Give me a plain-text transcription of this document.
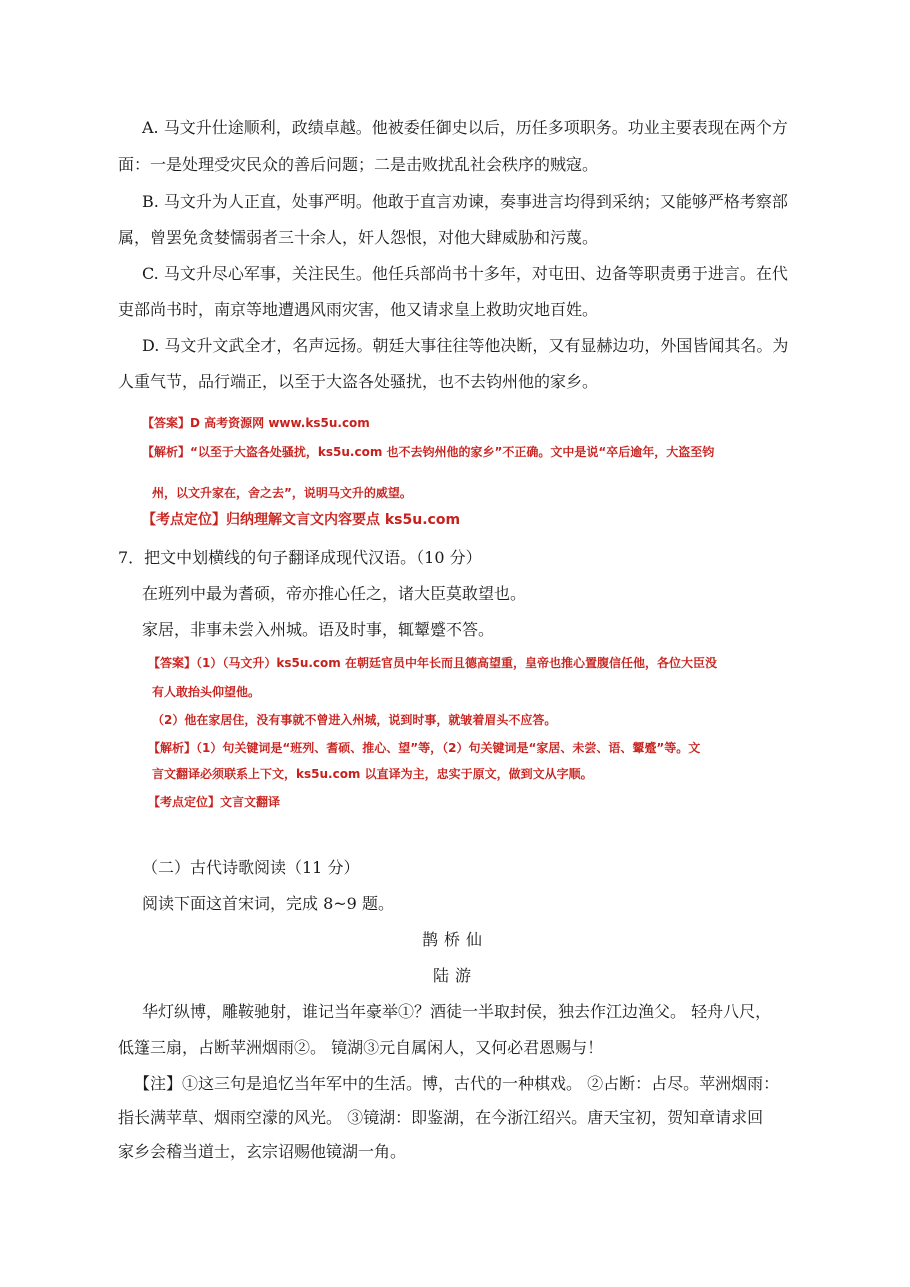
A. 马文升仕途顺利，政绩卓越。他被委任御史以后，历任多项职务。功业主要表现在两个方
面：一是处理受灾民众的善后问题；二是击败扰乱社会秩序的贼寇。
B. 马文升为人正直，处事严明。他敢于直言劝谏，奏事进言均得到采纳；又能够严格考察部
属，曾罢免贪婪懦弱者三十余人，奸人怨恨，对他大肆威胁和污蔑。
C. 马文升尽心军事，关注民生。他任兵部尚书十多年，对屯田、边备等职责勇于进言。在代
吏部尚书时，南京等地遭遇风雨灾害，他又请求皇上救助灾地百姓。
D. 马文升文武全才，名声远扬。朝廷大事往往等他决断，又有显赫边功，外国皆闻其名。为
人重气节，品行端正，以至于大盗各处骚扰，也不去钧州他的家乡。
【答案】D 高考资源网 www.ks5u.com
【解析】“以至于大盗各处骚扰，ks5u.com 也不去钧州他的家乡”不正确。文中是说“卒后逾年，大盗至钧
州，以文升家在，舍之去”，说明马文升的威望。
【考点定位】归纳理解文言文内容要点 ks5u.com
7．把文中划横线的句子翻译成现代汉语。（10 分）
在班列中最为耆硕，帝亦推心任之，诸大臣莫敢望也。
家居，非事未尝入州城。语及时事，辄颦蹙不答。
【答案】（1）（马文升）ks5u.com 在朝廷官员中年长而且德高望重，皇帝也推心置腹信任他，各位大臣没
有人敢抬头仰望他。
（2）他在家居住，没有事就不曾进入州城，说到时事，就皱着眉头不应答。
【解析】（1）句关键词是“班列、耆硕、推心、望”等，（2）句关键词是“家居、未尝、语、颦蹙”等。文
言文翻译必须联系上下文，ks5u.com 以直译为主，忠实于原文，做到文从字顺。
【考点定位】文言文翻译
（二）古代诗歌阅读（11 分）
阅读下面这首宋词，完成 8~9 题。
鹊桥仙
陆游
华灯纵博，雕鞍驰射，谁记当年豪举①？酒徒一半取封侯，独去作江边渔父。 轻舟八尺，
低篷三扇，占断苹洲烟雨②。 镜湖③元自属闲人，又何必君恩赐与！
【注】①这三句是追忆当年军中的生活。博，古代的一种棋戏。 ②占断：占尽。苹洲烟雨：
指长满苹草、烟雨空濛的风光。 ③镜湖：即鉴湖，在今浙江绍兴。唐天宝初，贺知章请求回
家乡会稽当道士，玄宗诏赐他镜湖一角。
